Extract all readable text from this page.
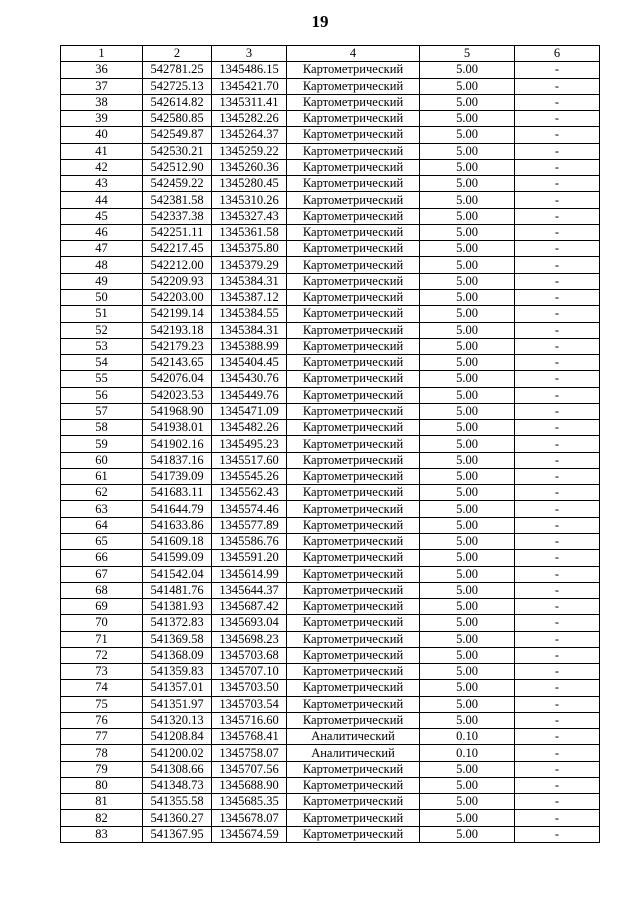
19
1	2	3	4	5	6
36	542781.25	1345486.15	Картометрический	5.00	-
37	542725.13	1345421.70	Картометрический	5.00	-
38	542614.82	1345311.41	Картометрический	5.00	-
39	542580.85	1345282.26	Картометрический	5.00	-
40	542549.87	1345264.37	Картометрический	5.00	-
41	542530.21	1345259.22	Картометрический	5.00	-
42	542512.90	1345260.36	Картометрический	5.00	-
43	542459.22	1345280.45	Картометрический	5.00	-
44	542381.58	1345310.26	Картометрический	5.00	-
45	542337.38	1345327.43	Картометрический	5.00	-
46	542251.11	1345361.58	Картометрический	5.00	-
47	542217.45	1345375.80	Картометрический	5.00	-
48	542212.00	1345379.29	Картометрический	5.00	-
49	542209.93	1345384.31	Картометрический	5.00	-
50	542203.00	1345387.12	Картометрический	5.00	-
51	542199.14	1345384.55	Картометрический	5.00	-
52	542193.18	1345384.31	Картометрический	5.00	-
53	542179.23	1345388.99	Картометрический	5.00	-
54	542143.65	1345404.45	Картометрический	5.00	-
55	542076.04	1345430.76	Картометрический	5.00	-
56	542023.53	1345449.76	Картометрический	5.00	-
57	541968.90	1345471.09	Картометрический	5.00	-
58	541938.01	1345482.26	Картометрический	5.00	-
59	541902.16	1345495.23	Картометрический	5.00	-
60	541837.16	1345517.60	Картометрический	5.00	-
61	541739.09	1345545.26	Картометрический	5.00	-
62	541683.11	1345562.43	Картометрический	5.00	-
63	541644.79	1345574.46	Картометрический	5.00	-
64	541633.86	1345577.89	Картометрический	5.00	-
65	541609.18	1345586.76	Картометрический	5.00	-
66	541599.09	1345591.20	Картометрический	5.00	-
67	541542.04	1345614.99	Картометрический	5.00	-
68	541481.76	1345644.37	Картометрический	5.00	-
69	541381.93	1345687.42	Картометрический	5.00	-
70	541372.83	1345693.04	Картометрический	5.00	-
71	541369.58	1345698.23	Картометрический	5.00	-
72	541368.09	1345703.68	Картометрический	5.00	-
73	541359.83	1345707.10	Картометрический	5.00	-
74	541357.01	1345703.50	Картометрический	5.00	-
75	541351.97	1345703.54	Картометрический	5.00	-
76	541320.13	1345716.60	Картометрический	5.00	-
77	541208.84	1345768.41	Аналитический	0.10	-
78	541200.02	1345758.07	Аналитический	0.10	-
79	541308.66	1345707.56	Картометрический	5.00	-
80	541348.73	1345688.90	Картометрический	5.00	-
81	541355.58	1345685.35	Картометрический	5.00	-
82	541360.27	1345678.07	Картометрический	5.00	-
83	541367.95	1345674.59	Картометрический	5.00	-
